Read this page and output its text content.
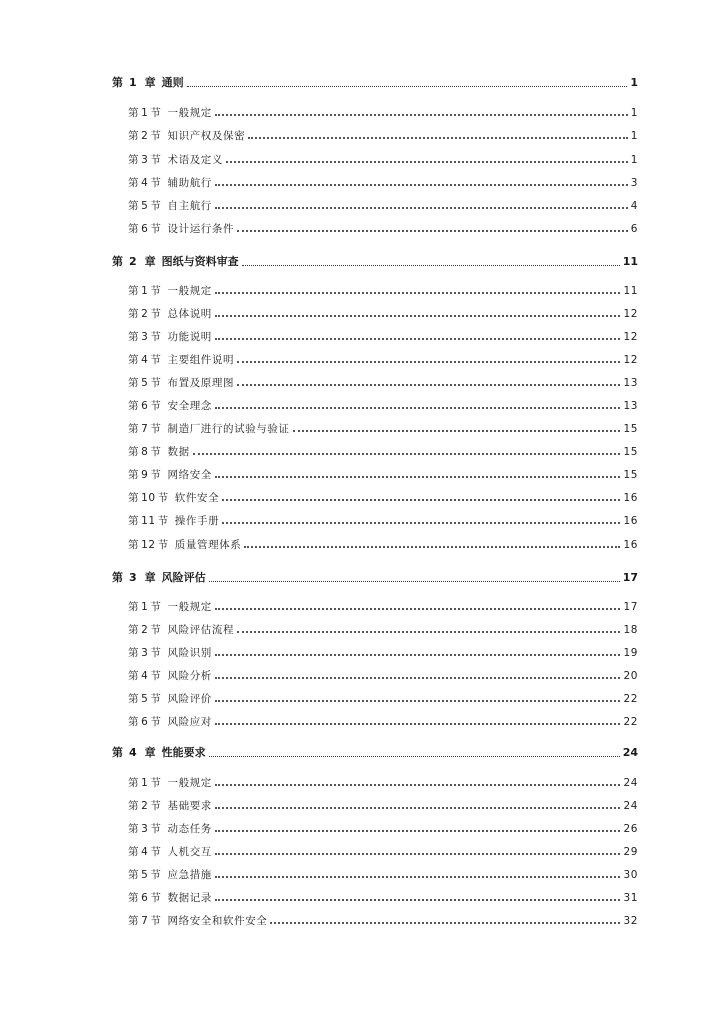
第 1 章 通则	1
第 1 节 一般规定	1
第 2 节 知识产权及保密	1
第 3 节 术语及定义	1
第 4 节 辅助航行	3
第 5 节 自主航行	4
第 6 节 设计运行条件	6
第 2 章 图纸与资料审查	11
第 1 节 一般规定	11
第 2 节 总体说明	12
第 3 节 功能说明	12
第 4 节 主要组件说明	12
第 5 节 布置及原理图	13
第 6 节 安全理念	13
第 7 节 制造厂进行的试验与验证	15
第 8 节 数据	15
第 9 节 网络安全	15
第 10 节 软件安全	16
第 11 节 操作手册	16
第 12 节 质量管理体系	16
第 3 章 风险评估	17
第 1 节 一般规定	17
第 2 节 风险评估流程	18
第 3 节 风险识别	19
第 4 节 风险分析	20
第 5 节 风险评价	22
第 6 节 风险应对	22
第 4 章 性能要求	24
第 1 节 一般规定	24
第 2 节 基础要求	24
第 3 节 动态任务	26
第 4 节 人机交互	29
第 5 节 应急措施	30
第 6 节 数据记录	31
第 7 节 网络安全和软件安全	32
